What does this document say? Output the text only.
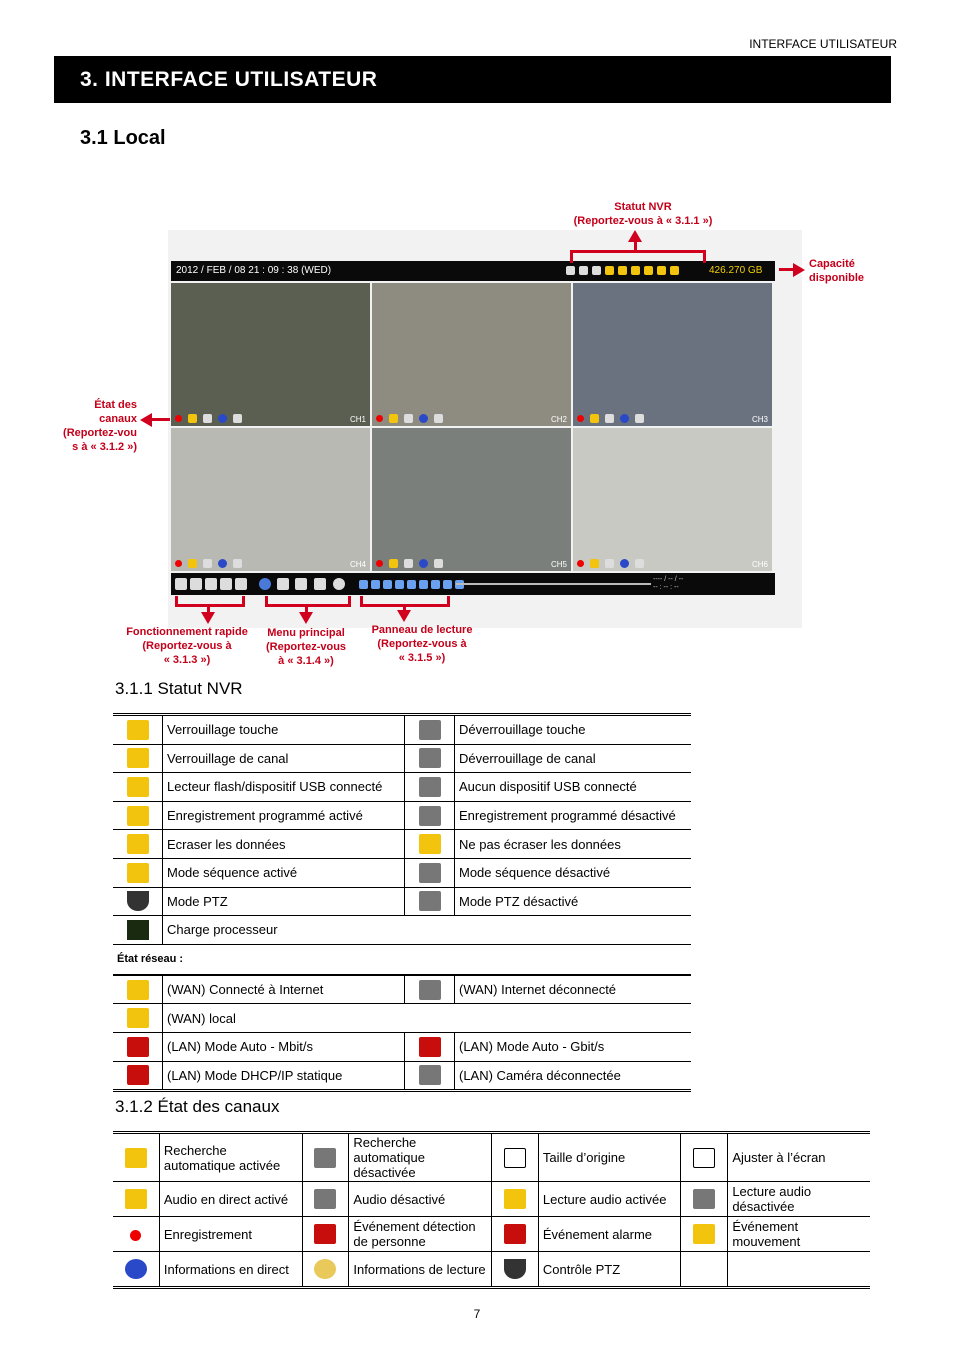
INTERFACE UTILISATEUR
3. INTERFACE UTILISATEUR
3.1 Local
2012 / FEB / 08 21 : 09 : 38 (WED)	426.270 GB
CH1	CH2	CH3
CH4	CH5	CH6
---- / -- / --
-- : -- : --
Statut NVR
(Reportez-vous à « 3.1.1 »)
Capacité
disponible
État des
canaux
(Reportez-vou
s à « 3.1.2 »)
Fonctionnement rapide
(Reportez-vous à
« 3.1.3 »)
Menu principal
(Reportez-vous
à « 3.1.4 »)
Panneau de lecture
(Reportez-vous à
« 3.1.5 »)
3.1.1 Statut NVR
	Verrouillage touche		Déverrouillage touche
	Verrouillage de canal		Déverrouillage de canal
	Lecteur flash/dispositif USB connecté		Aucun dispositif USB connecté
	Enregistrement programmé activé		Enregistrement programmé désactivé
	Ecraser les données		Ne pas écraser les données
	Mode séquence activé		Mode séquence désactivé
	Mode PTZ		Mode PTZ désactivé
	Charge processeur		
État réseau :			
	(WAN) Connecté à Internet		(WAN) Internet déconnecté
	(WAN) local		
	(LAN) Mode Auto - Mbit/s		(LAN) Mode Auto - Gbit/s
	(LAN) Mode DHCP/IP statique		(LAN) Caméra déconnectée
3.1.2 État des canaux
	Recherche automatique activée		Recherche automatique désactivée		Taille d’origine		Ajuster à l’écran
	Audio en direct activé		Audio désactivé		Lecture audio activée		Lecture audio désactivée
	Enregistrement		Événement détection de personne		Événement alarme		Événement mouvement
	Informations en direct		Informations de lecture		Contrôle PTZ		
7
